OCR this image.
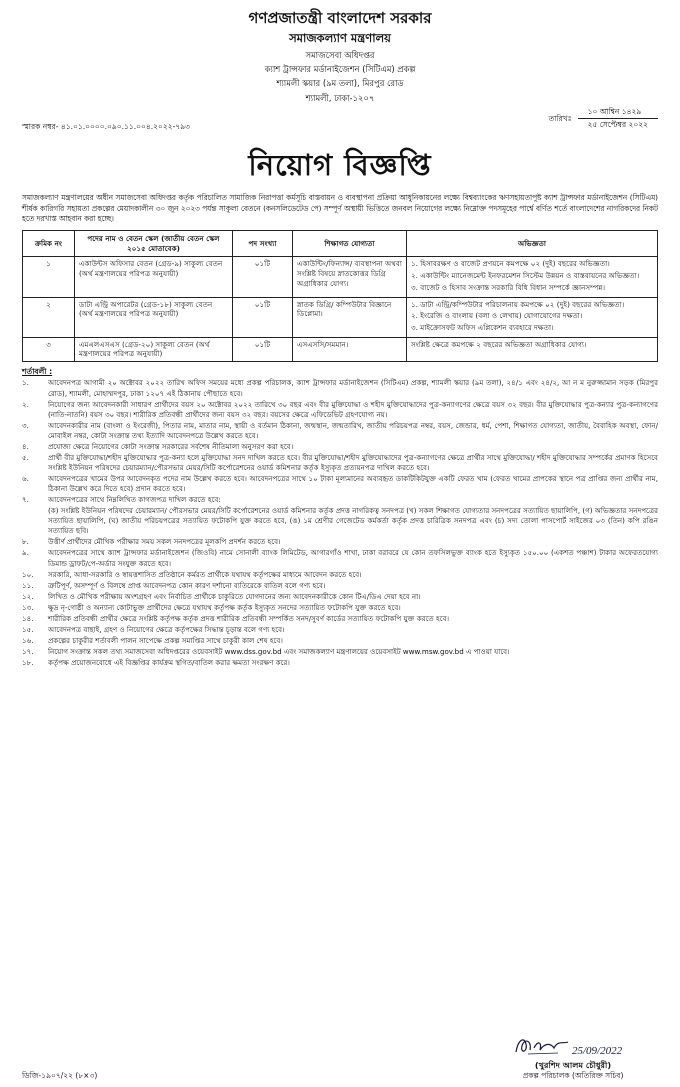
গণপ্রজাতন্ত্রী বাংলাদেশ সরকার
সমাজকল্যাণ মন্ত্রণালয়
সমাজসেবা অধিদপ্তর
ক্যাশ ট্রান্সফার মর্ডানাইজেশন (সিটিএম) প্রকল্প
শ্যামলী স্কয়ার (৯ম তলা), মিরপুর রোড
শ্যামলী, ঢাকা-১২০৭
স্মারক নম্বর- ৪১.০১.০০০০.০৯০.১১.০০৪.২০২২-৭৯৩
তারিখঃ
১০ আশ্বিন ১৪২৯
২৫ সেপ্টেম্বর ২০২২
নিয়োগ বিজ্ঞপ্তি
সমাজকল্যাণ মন্ত্রণালয়ের অধীন সমাজসেবা অধিদপ্তর কর্তৃক পরিচালিত সামাজিক নিরাপত্তা কর্মসূচি বাস্তবায়ন ও ব্যবস্থাপনা প্রক্রিয়া আধুনিকায়নের লক্ষ্যে বিশ্বব্যাংকের ঋণসহায়তাপুষ্ট ক্যাশ ট্রান্সফার মর্ডানাইজেশন (সিটিএম) শীর্ষক কারিগরি সহায়তা প্রকল্পের মেয়াদকালীন ৩০ জুন ২০২৩ পর্যন্ত সাকুল্য বেতনে (কনসলিডেটেড পে) সম্পূর্ণ অস্থায়ী ভিত্তিতে জনবল নিয়োগের লক্ষ্যে নিম্নোক্ত পদসমূহের পার্শ্বে বর্ণিত শর্তে বাংলাদেশের নাগরিকদের নিকট হতে দরখাস্ত আহবান করা হচ্ছে।
ক্রমিক নং	পদের নাম ও বেতন স্কেল (জাতীয় বেতন স্কেল ২০১৫ মোতাবেক)	পদ সংখ্যা	শিক্ষাগত যোগ্যতা	অভিজ্ঞতা
১	একাউন্টস অফিসার বেতন (গ্রেড-৯) সাকুল্য বেতন (অর্থ মন্ত্রণালয়ের পরিপত্র অনুযায়ী)	০১টি	একাউন্টিং/ফিন্যান্স/ ব্যবস্থাপনা অথবা সংশ্লিষ্ট বিষয়ে স্নাতকোত্তর ডিগ্রি অগ্রাধিকার যোগ্য।	১. হিসাবরক্ষণ ও বাজেট প্রণয়নে কমপক্ষে ০২ (দুই) বছরের অভিজ্ঞতা।
২. একাউন্টিং ম্যানেজমেন্ট ইনফরমেশন সিস্টেম উন্নয়ন ও বাস্তবায়নের অভিজ্ঞতা।
৩. বাজেট ও হিসাব সংক্রান্ত সরকারি বিধি বিধান সম্পর্কে জ্ঞানসম্পন্ন।

২	ডাটা এন্ট্রি অপারেটর (গ্রেড-১৮) সাকুল্য বেতন (অর্থ মন্ত্রণালয়ের পরিপত্র অনুযায়ী)	০১টি	স্নাতক ডিগ্রি/ কম্পিউটার বিজ্ঞানে ডিপ্লোমা।	১. ডাটা এন্ট্রি/কম্পিউটার পরিচালনায় কমপক্ষে ০২ (দুই) বছরের অভিজ্ঞতা।
২. ইংরেজি ও বাংলায় (বলা ও লেখায়) যোগাযোগের দক্ষতা।
৩. মাইক্রোসফট অফিস এপ্লিকেশন ব্যবহারে দক্ষতা।

৩	এমএলএসএস (গ্রেড-২০) সাকুল্য বেতন (অর্থ মন্ত্রণালয়ের পরিপত্র অনুযায়ী)	০১টি	এসএসসি/সমমান।	সংশ্লিষ্ট ক্ষেত্রে কমপক্ষে ২ বছরের অভিজ্ঞতা অগ্রাধিকার যোগ্য।
শর্তাবলী :
১.	আবেদনপত্র আগামী ২০ অক্টোবর ২০২২ তারিখ অফিস সময়ের মধ্যে প্রকল্প পরিচালক, ক্যাশ ট্রান্সফার মর্ডানাইজেশন (সিটিএম) প্রকল্প, শ্যামলী স্কয়ার (৯ম তলা), ২৪/১ এবং ২৪/২, আ ন ম নুরুজ্জামান সড়ক (মিরপুর রোড), শ্যামলী, মোহাম্মদপুর, ঢাকা ১২০৭ এই ঠিকানায় পৌছাতে হবে।
২.	নিয়োগের জন্য আবেদনকারী সাধারণ প্রার্থীদের বয়স ২০ অক্টোবর ২০২২ তারিখে ৩০ বছর এবং বীর মুক্তিযোদ্ধা ও শহীদ মুক্তিযোদ্ধাদের পুত্র-কন্যাগণের ক্ষেত্রে বয়স ৩২ বছর। বীর মুক্তিযোদ্ধার পুত্র-কন্যার পুত্র-কন্যাগণের (নাতি-নাতনি) বয়স ৩০ বছর। শারীরিক প্রতিবন্ধী প্রার্থীদের জন্য বয়স ৩২ বছর। বয়সের ক্ষেত্রে এফিডেভিট গ্রহণযোগ্য নয়।
৩.	আবেদনকারীর নাম (বাংলা ও ইংরেজী), পিতার নাম, মাতার নাম, স্থায়ী ও বর্তমান ঠিকানা, জন্মস্থান, জন্মতারিখ, জাতীয় পরিচয়পত্র নম্বর, বয়স, জেন্ডার, ধর্ম, পেশা, শিক্ষাগত যোগ্যতা, জাতীয়, বৈবাহিক অবস্থা, ফোন/মোবাইল নম্বর, কোটা সংক্রান্ত তথ্য ইত্যাদি আবেদনপত্রে উল্লেখ করতে হবে।
৪.	প্রযোজ্য ক্ষেত্রে নিয়োগের কোটা সংক্রান্ত সরকারের সর্বশেষ নীতিমালা অনুসরণ করা হবে।
৫.	প্রার্থী বীর মুক্তিযোদ্ধা/শহীদ মুক্তিযোদ্ধার পুত্র-কন্যা হলে মুক্তিযোদ্ধা সনদ দাখিল করতে হবে। বীর মুক্তিযোদ্ধা/শহীদ মুক্তিযোদ্ধাদের পুত্র-কন্যাগণের ক্ষেত্রে প্রার্থীর সাথে মুক্তিযোদ্ধা/ শহীদ মুক্তিযোদ্ধার সম্পর্কের প্রমাণক হিসেবে সংশ্লিষ্ট ইউনিয়ন পরিষদের চেয়ারম্যান/পৌরসভার মেয়র/সিটি কর্পোরেশনের ওয়ার্ড কমিশনার কর্তৃক ইস্যুকৃত প্রত্যয়নপত্র দাখিল করতে হবে।
৬.	আবেদনপত্রের খামের উপর আবেদনকৃত পদের নাম উল্লেখ করতে হবে। আবেদনপত্রের সাথে ১০ টাকা মূল্যমানের অব্যবহৃত ডাকটিকিটযুক্ত একটি ফেরত খাম (ফেরত খামের প্রাপকের স্থানে পত্র প্রাপ্তির জন্য প্রার্থীর নাম, ঠিকানা উল্লেখ করে দিতে হবে) প্রদান করতে হবে।
৭.	আবেদনপত্রের সাথে নিম্নলিখিত কাগজপত্র দাখিল করতে হবে:
(ক) সংশ্লিষ্ট ইউনিয়ন পরিষদের চেয়ারম্যান/ পৌরসভার মেয়র/সিটি কর্পোরেশনের ওয়ার্ড কমিশনার কর্তৃক প্রদত্ত নাগরিকত্ব সনদপত্র (খ) সকল শিক্ষাগত যোগ্যতার সনদপত্রের সত্যায়িত ছায়ালিপি, (গ) অভিজ্ঞতার সনদপত্রের সত্যায়িত ছায়ালিপি, (ঘ) জাতীয় পরিচয়পত্রের সত্যায়িত ফটোকপি যুক্ত করতে হবে, (ঙ) ১ম শ্রেণীর গেজেটেড কর্মকর্তা কর্তৃক প্রদত্ত চারিত্রিক সনদপত্র এবং (চ) সদ্য তোলা পাসপোর্ট সাইজের ০৩ (তিন) কপি রঙিন সত্যায়িত ছবি।
৮.	উত্তীর্ণ প্রার্থীদের মৌখিক পরীক্ষার সময় সকল সনদপত্রের মূলকপি প্রদর্শন করতে হবে।
৯.	আবেদনপত্রের সাথে ক্যাশ ট্রান্সফার মর্ডানাইজেশন (জিওবি) নামে সোনালী ব্যাংক লিমিটেড, আগারগাঁও শাখা, ঢাকা বরাবরে যে কোন তফসিলভুক্ত ব্যাংক হতে ইস্যুকৃত ১৫০.০০ (একশত পঞ্চাশ) টাকার অফেরতযোগ্য ডিমান্ড ড্রাফট/পে-অর্ডার সংযুক্ত করতে হবে।
১০.	সরকারি, আধা-সরকারি ও স্বায়ত্তশাসিত প্রতিষ্ঠানে কর্মরত প্রার্থীকে যথাযথ কর্তৃপক্ষের মাধ্যমে আবেদন করতে হবে।
১১.	ত্রুটিপূর্ণ, অসম্পূর্ণ ও বিলম্বে প্রাপ্ত আবেদনপত্র কোন কারণ দর্শানো ব্যতিরেকে বাতিল বলে গণ্য হবে।
১২.	লিখিত ও মৌখিক পরীক্ষায় অংশগ্রহণ এবং নির্বাচিত প্রার্থীকে চাকুরিতে যোগদানের জন্য আবেদনকারীকে কোন টিএ/ডিএ দেয়া হবে না।
১৩.	ক্ষুদ্র নৃ-গোষ্ঠী ও অন্যান্য কোটাভুক্ত প্রার্থীদের ক্ষেত্রে যথাযথ কর্তৃপক্ষ কর্তৃক ইস্যুকৃত সনদের সত্যায়িত ফটোকপি যুক্ত করতে হবে।
১৪.	শারীরিক প্রতিবন্ধী প্রার্থীর ক্ষেত্রে সংশ্লিষ্ট কর্তৃপক্ষ কর্তৃক প্রদত্ত শারীরিক প্রতিবন্ধী সম্পর্কিত সনদ/সুবর্ণ কার্ডের সত্যায়িত ফটোকপি যুক্ত করতে হবে।
১৫.	আবেদনপত্র বাছাই, গ্রহণ ও নিয়োগের ক্ষেত্রে কর্তৃপক্ষের সিদ্ধান্ত চূড়ান্ত বলে গণ্য হবে।
১৬.	প্রকল্পের চাকুরীর শর্তাবলী পালন সাপেক্ষে প্রকল্প সমাপ্তির সাথে চাকুরী কাল শেষ হবে।
১৭.	নিয়োগ সংক্রান্ত সকল তথ্য সমাজসেবা অধিদপ্তরের ওয়েবসাইট www.dss.gov.bd এবং সমাজকল্যাণ মন্ত্রণালয়ের ওয়েবসাইট www.msw.gov.bd এ পাওয়া যাবে।
১৮.	কর্তৃপক্ষ প্রয়োজনবোধে এই বিজ্ঞপ্তির কার্যক্রম স্থগিত/বাতিল করার ক্ষমতা সংরক্ষণ করে।
ডিজি-১৯০৭/২২ (৮×৩)
25/09/2022
(খুরশিদ আলম চৌধুরী)
প্রকল্প পরিচালক (অতিরিক্ত সচিব)
